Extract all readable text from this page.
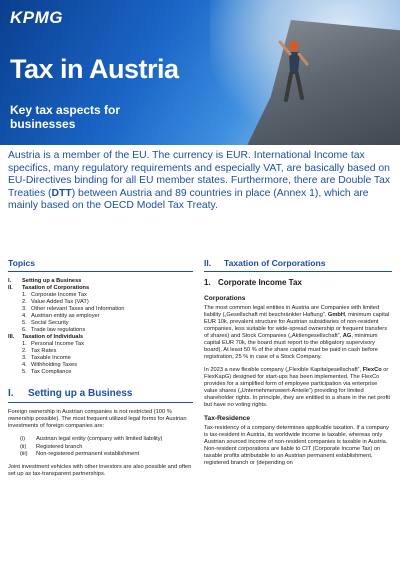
KPMG
Tax in Austria
Key tax aspects for businesses
Austria is a member of the EU. The currency is EUR. International Income tax specifics, many regulatory requirements and especially VAT, are basically based on EU-Directives binding for all EU member states. Furthermore, there are Double Tax Treaties (DTT) between Austria and 89 countries in place (Annex 1), which are mainly based on the OECD Model Tax Treaty.
Topics
I. Setting up a Business
II. Taxation of Corporations
1. Corporate Income Tax
2. Value Added Tax (VAT)
3. Other relevant Taxes and Information
4. Austrian entity as employer
5. Social Security
6. Trade law regulations
III. Taxation of Individuals
1. Personal Income Tax
2. Tax Rates
3. Taxable Income
4. Withholding Taxes
5. Tax Compliance
I. Setting up a Business

Foreign ownership in Austrian companies is not restricted (100 % ownership possible). The most frequent utilized legal forms for Austrian investments of foreign companies are:

(i) Austrian legal entity (company with limited liability)
(ii) Registered branch
(iii) Non-registered permanent establishment

Joint investment vehicles with other investors are also possible and often set up as tax-transparent partnerships.

II. Taxation of Corporations
1. Corporate Income Tax
Corporations

The most common legal entities in Austria are Companies with limited liability („Gesellschaft mit beschränkter Haftung“, GmbH, minimum capital EUR 10k, prevalent structure for Austrian subsidiaries of non-resident companies, less suitable for wide-spread ownership or frequent transfers of shares) and Stock Companies („Aktiengesellschaft“, AG, minimum capital EUR 70k, the board must report to the obligatory supervisory board). At least 50 % of the share capital must be paid in cash before registration, 25 % in case of a Stock Company.

In 2023 a new flexible company („Flexible Kapitalgesellschaft“, FlexCo or FlexKapG) designed for start-ups has been implemented. The FlexCo provides for a simplified form of employee participation via enterprise value shares („Unternehmenswert-Anteile“) providing for limited shareholder rights. In principle, they are entitled to a share in the net profit but have no voting rights.

Tax-Residence

Tax-residency of a company determines applicable taxation. If a company is tax-resident in Austria, its worldwide income is taxable, whereas only Austrian sourced income of non-resident companies is taxable in Austria. Non-resident corporations are liable to CIT (Corporate Income Tax) on taxable profits attributable to an Austrian permanent establishment, registered branch or (depending on
